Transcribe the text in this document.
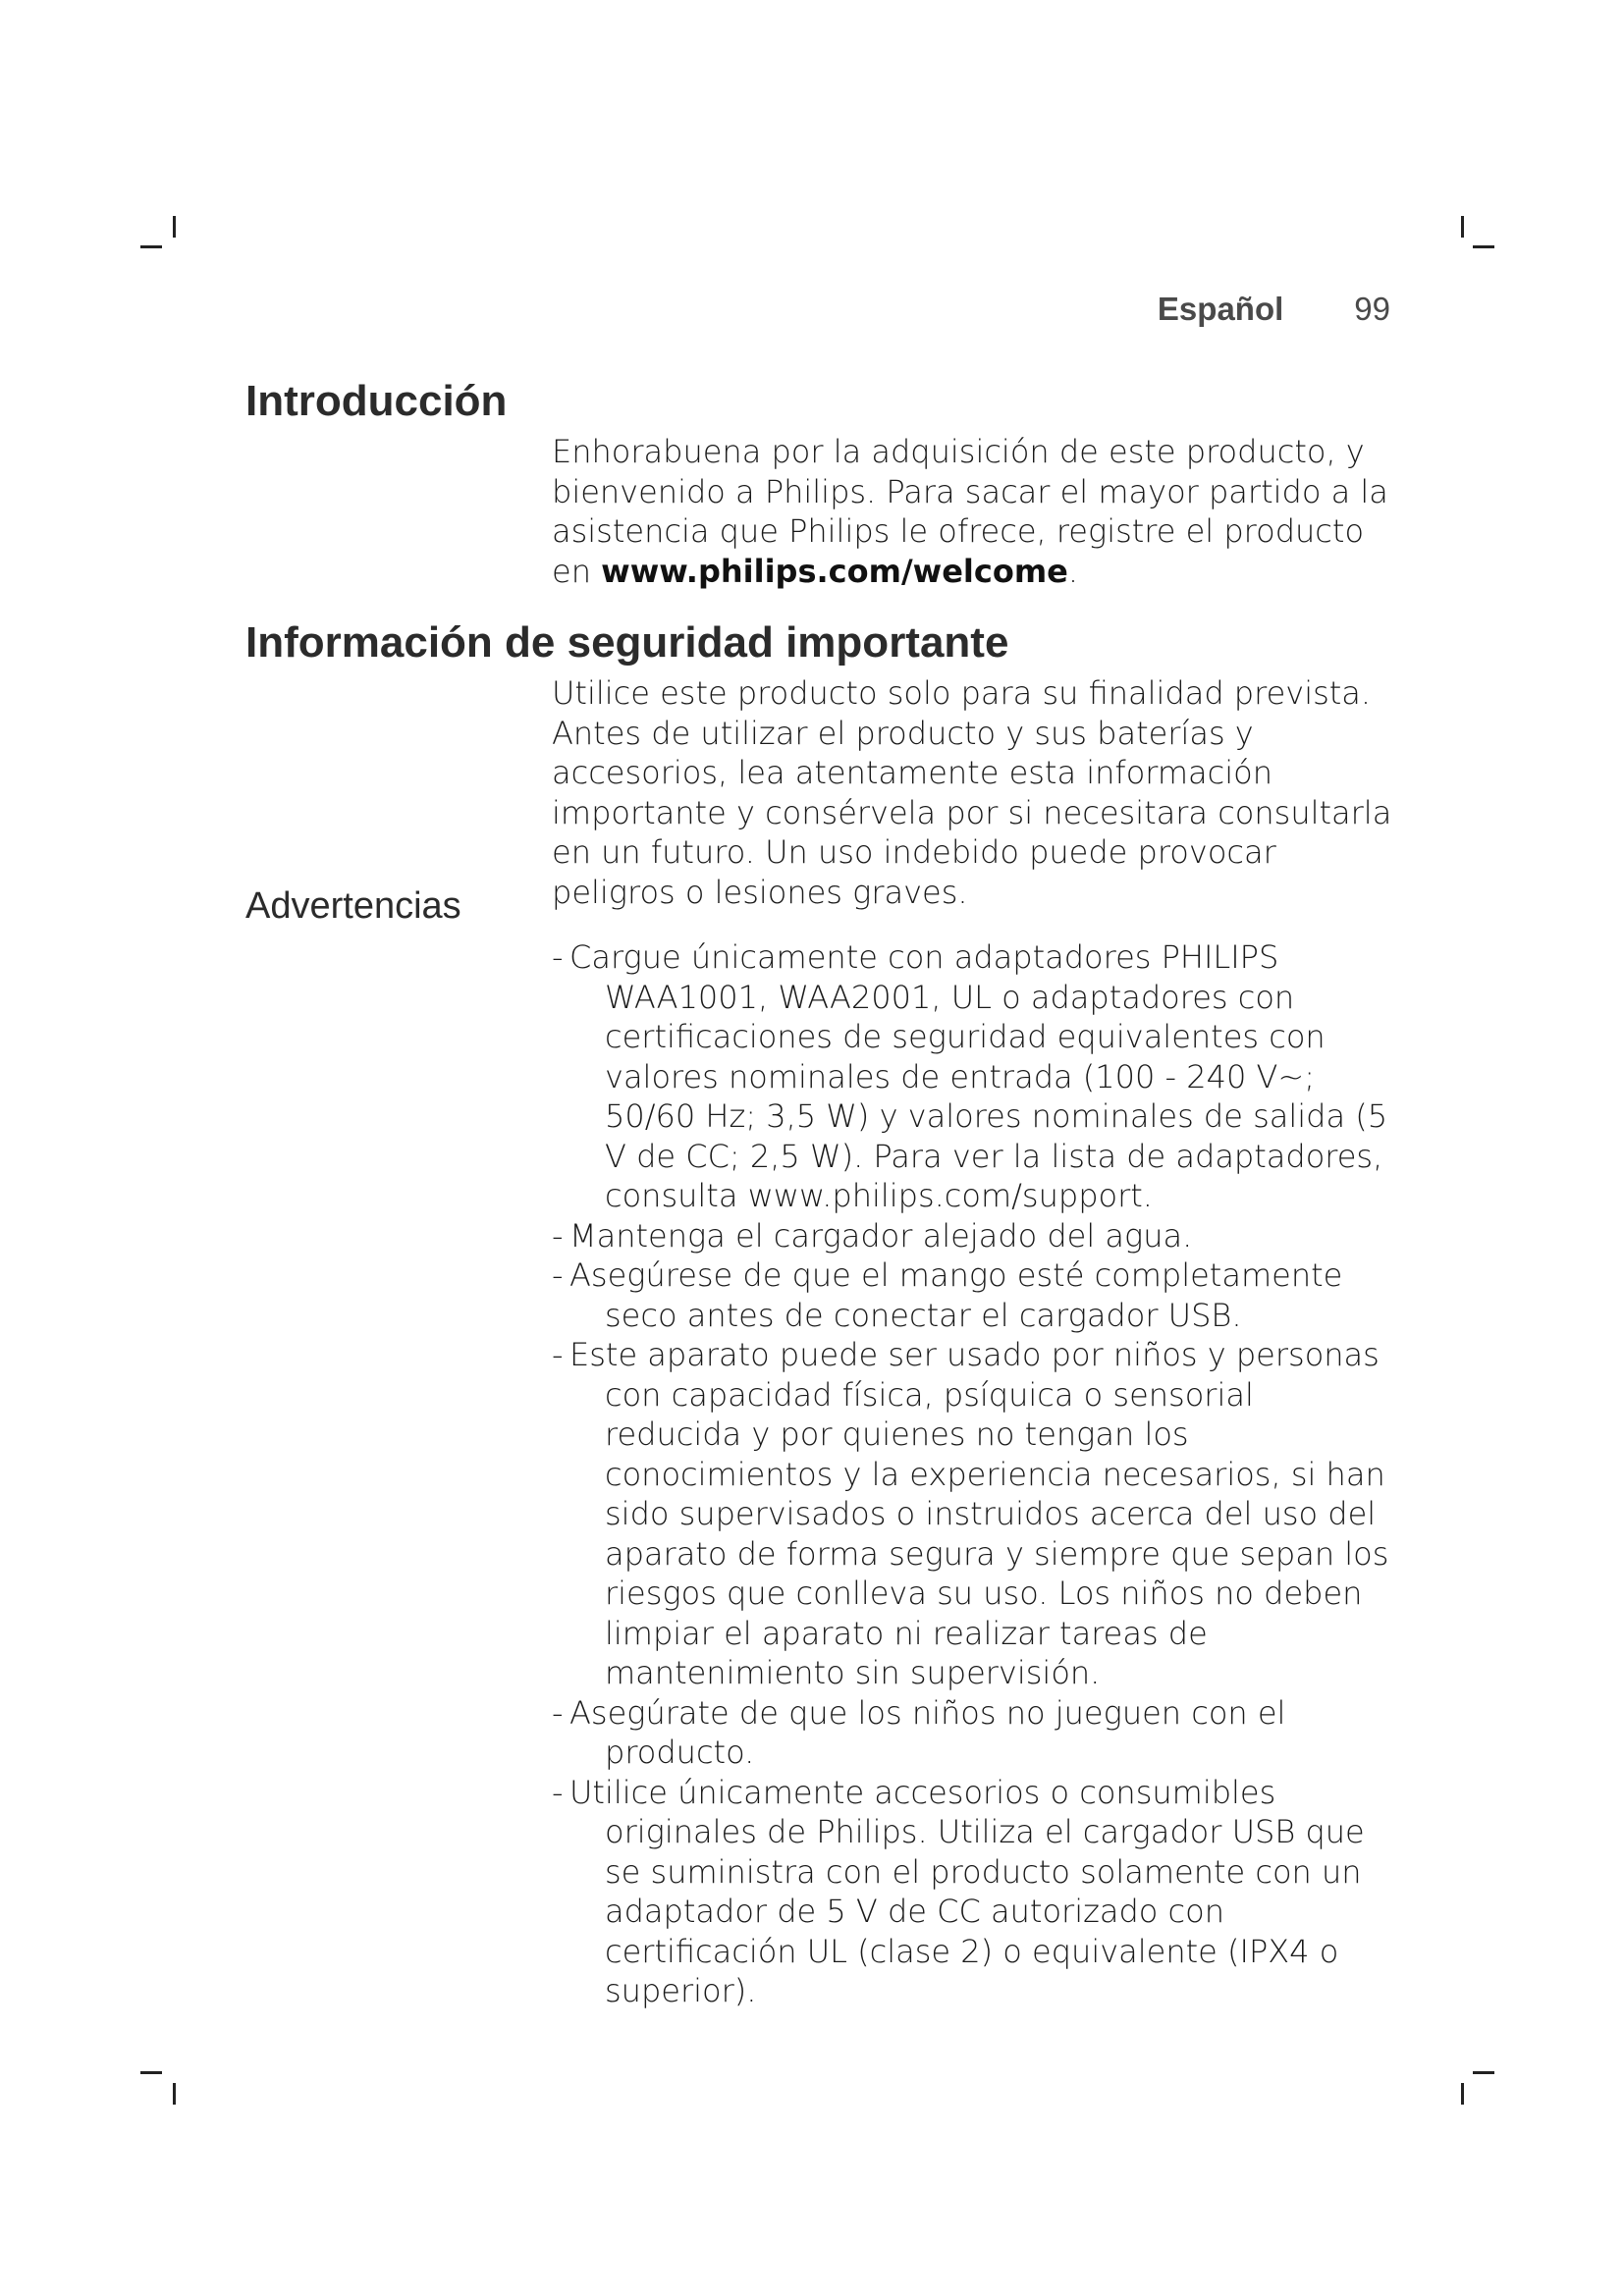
Español 99
Introducción

Enhorabuena por la adquisición de este producto, y bienvenido a Philips. Para sacar el mayor partido a la asistencia que Philips le ofrece, registre el producto en www.philips.com/welcome.

Información de seguridad importante

Utilice este producto solo para su finalidad prevista. Antes de utilizar el producto y sus baterías y accesorios, lea atentamente esta información importante y consérvela por si necesitara consultarla en un futuro. Un uso indebido puede provocar peligros o lesiones graves.

Advertencias
- Cargue únicamente con adaptadores PHILIPS WAA1001, WAA2001, UL o adaptadores con certificaciones de seguridad equivalentes con valores nominales de entrada (100 - 240 V~; 50/60 Hz; 3,5 W) y valores nominales de salida (5 V de CC; 2,5 W). Para ver la lista de adaptadores, consulta www.philips.com/support.
- Mantenga el cargador alejado del agua.
- Asegúrese de que el mango esté completamente seco antes de conectar el cargador USB.
- Este aparato puede ser usado por niños y personas con capacidad física, psíquica o sensorial reducida y por quienes no tengan los conocimientos y la experiencia necesarios, si han sido supervisados o instruidos acerca del uso del aparato de forma segura y siempre que sepan los riesgos que conlleva su uso. Los niños no deben limpiar el aparato ni realizar tareas de mantenimiento sin supervisión.
- Asegúrate de que los niños no jueguen con el producto.
- Utilice únicamente accesorios o consumibles originales de Philips. Utiliza el cargador USB que se suministra con el producto solamente con un adaptador de 5 V de CC autorizado con certificación UL (clase 2) o equivalente (IPX4 o superior).
